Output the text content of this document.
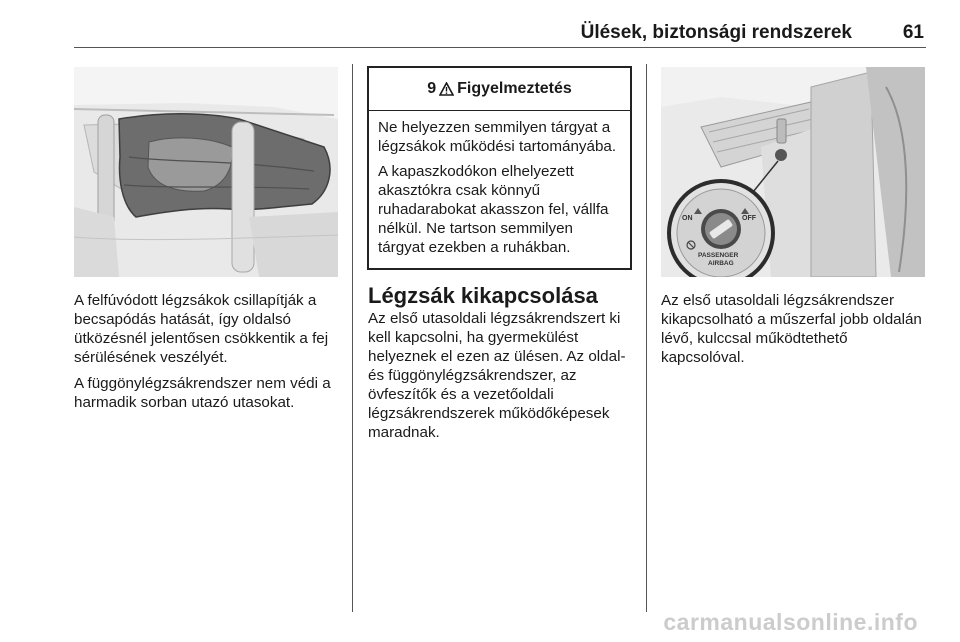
Ülések, biztonsági rendszerek	61

A felfúvódott légzsákok csillapítják a becsapódás hatását, így oldalsó ütközésnél jelentősen csökkentik a fej sérülésének veszélyét.

A függönylégzsákrendszer nem védi a harmadik sorban utazó utasokat.

9 Figyelmeztetés

Ne helyezzen semmilyen tárgyat a légzsákok működési tartományába.

A kapaszkodókon elhelyezett akasztókra csak könnyű ruhadarabokat akasszon fel, vállfa nélkül. Ne tartson semmilyen tárgyat ezekben a ruhákban.

Légzsák kikapcsolása

Az első utasoldali légzsákrendszert ki kell kapcsolni, ha gyermekülést helyeznek el ezen az ülésen. Az oldal- és függönylégzsákrendszer, az övfeszítők és a vezetőoldali légzsákrendszerek működőképesek maradnak.

ON	OFF
PASSENGER
AIRBAG

Az első utasoldali légzsákrendszer kikapcsolható a műszerfal jobb oldalán lévő, kulccsal működtethető kapcsolóval.

carmanualsonline.info
